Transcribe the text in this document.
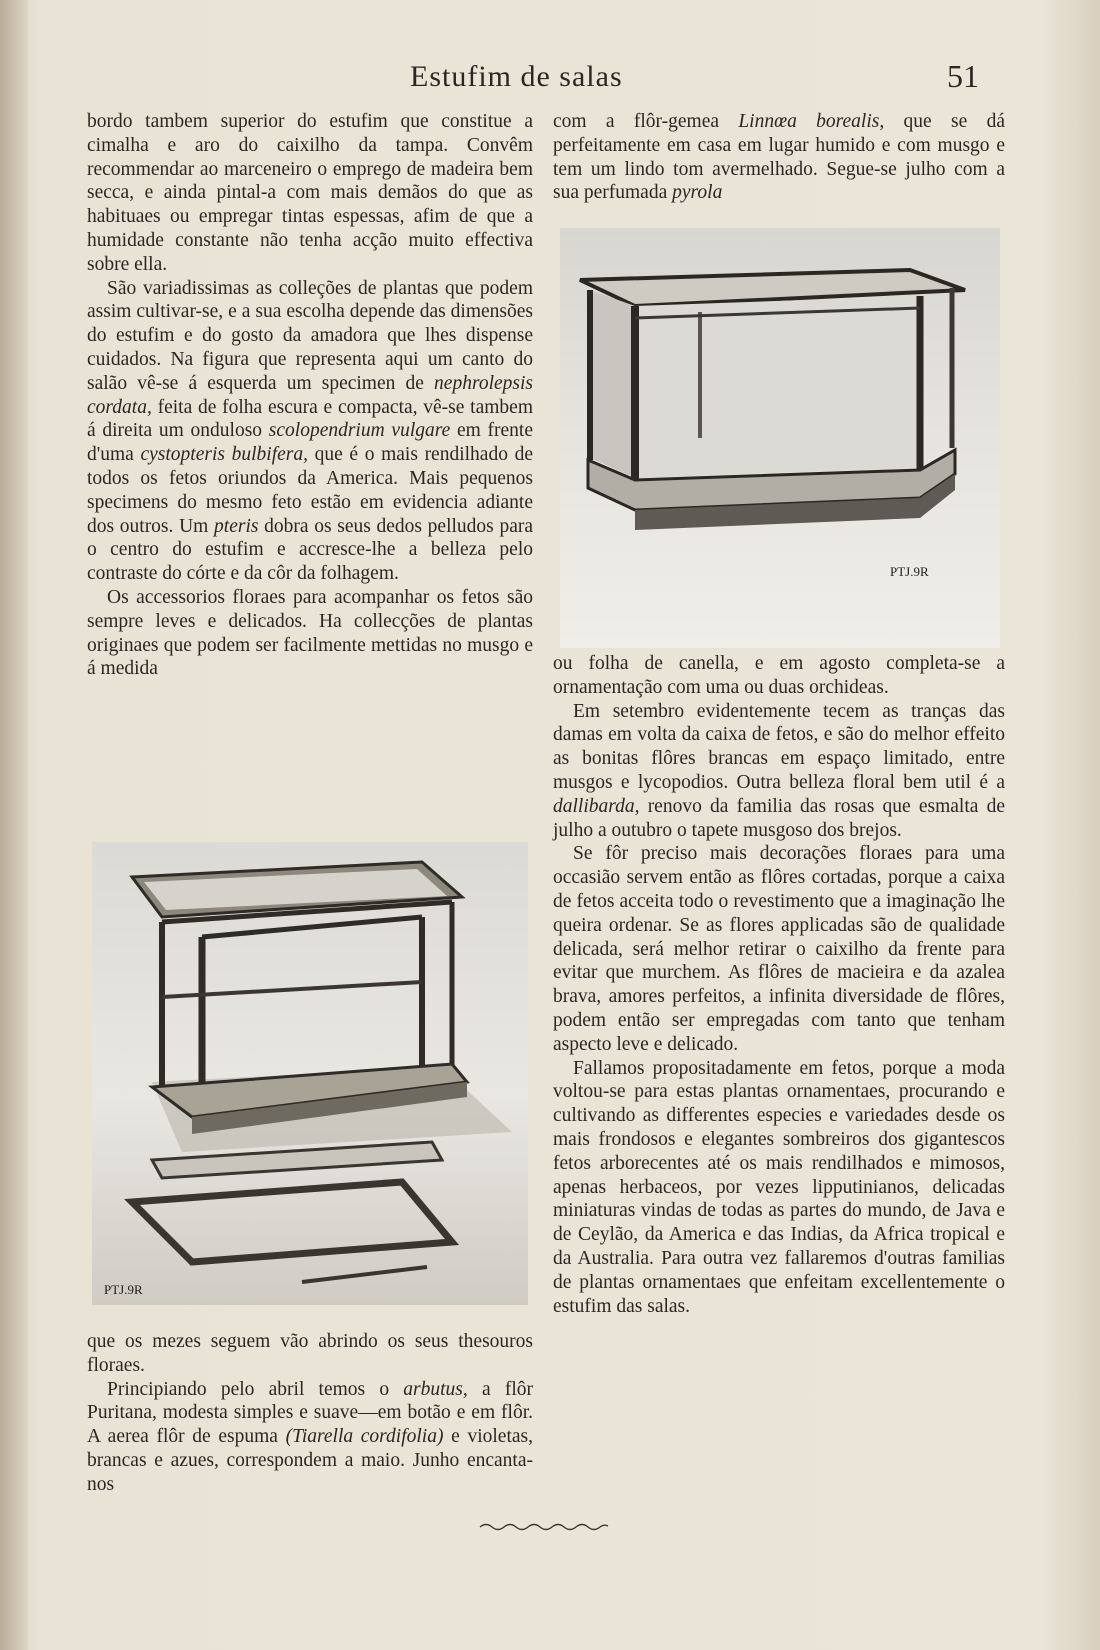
Estufim de salas	51

bordo tambem superior do estufim que constitue a cimalha e aro do caixilho da tampa. Convêm recommendar ao marceneiro o emprego de madeira bem secca, e ainda pintal-a com mais demãos do que as habituaes ou empregar tintas espessas, afim de que a humidade constante não tenha acção muito effectiva sobre ella.

São variadissimas as colleções de plantas que podem assim cultivar-se, e a sua escolha depende das dimensões do estufim e do gosto da amadora que lhes dispense cuidados. Na figura que representa aqui um canto do salão vê-se á esquerda um specimen de nephrolepsis cordata, feita de folha escura e compacta, vê-se tambem á direita um onduloso scolopendrium vulgare em frente d'uma cystopteris bulbifera, que é o mais rendilhado de todos os fetos oriundos da America. Mais pequenos specimens do mesmo feto estão em evidencia adiante dos outros. Um pteris dobra os seus dedos pelludos para o centro do estufim e accresce-lhe a belleza pelo contraste do córte e da côr da folhagem.

Os accessorios floraes para acompanhar os fetos são sempre leves e delicados. Ha collecções de plantas originaes que podem ser facilmente mettidas no musgo e á medida

PTJ.9R

que os mezes seguem vão abrindo os seus thesouros floraes.

Principiando pelo abril temos o arbutus, a flôr Puritana, modesta simples e suave—em botão e em flôr. A aerea flôr de espuma (Tiarella cordifolia) e violetas, brancas e azues, correspondem a maio. Junho encanta-nos

com a flôr-gemea Linnœa borealis, que se dá perfeitamente em casa em lugar humido e com musgo e tem um lindo tom avermelhado. Segue-se julho com a sua perfumada pyrola

PTJ.9R

ou folha de canella, e em agosto completa-se a ornamentação com uma ou duas orchideas.

Em setembro evidentemente tecem as tranças das damas em volta da caixa de fetos, e são do melhor effeito as bonitas flôres brancas em espaço limitado, entre musgos e lycopodios. Outra belleza floral bem util é a dallibarda, renovo da familia das rosas que esmalta de julho a outubro o tapete musgoso dos brejos.

Se fôr preciso mais decorações floraes para uma occasião servem então as flôres cortadas, porque a caixa de fetos acceita todo o revestimento que a imaginação lhe queira ordenar. Se as flores applicadas são de qualidade delicada, será melhor retirar o caixilho da frente para evitar que murchem. As flôres de macieira e da azalea brava, amores perfeitos, a infinita diversidade de flôres, podem então ser empregadas com tanto que tenham aspecto leve e delicado.

Fallamos propositadamente em fetos, porque a moda voltou-se para estas plantas ornamentaes, procurando e cultivando as differentes especies e variedades desde os mais frondosos e elegantes sombreiros dos gigantescos fetos arborecentes até os mais rendilhados e mimosos, apenas herbaceos, por vezes lipputinianos, delicadas miniaturas vindas de todas as partes do mundo, de Java e de Ceylão, da America e das Indias, da Africa tropical e da Australia. Para outra vez fallaremos d'outras familias de plantas ornamentaes que enfeitam excellentemente o estufim das salas.
